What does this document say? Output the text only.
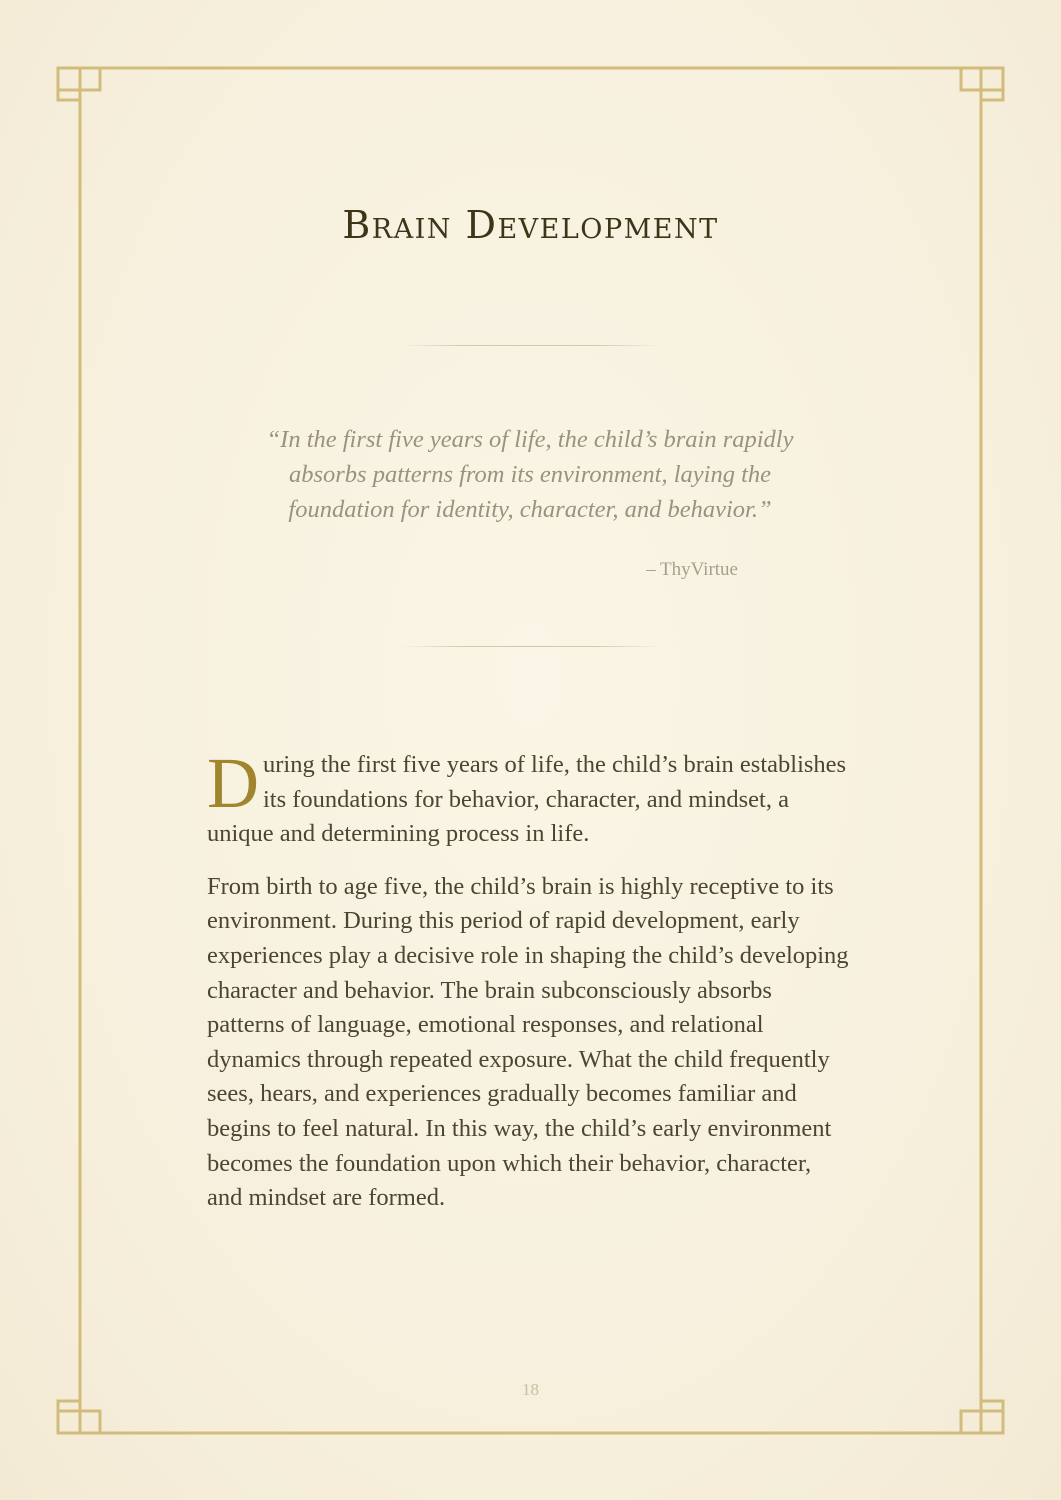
Brain Development

“In the first five years of life, the child’s brain rapidly absorbs patterns from its environment, laying the foundation for identity, character, and behavior.”

– ThyVirtue

During the first five years of life, the child’s brain establishes its foundations for behavior, character, and mindset, a unique and determining process in life.

From birth to age five, the child’s brain is highly receptive to its environment. During this period of rapid development, early experiences play a decisive role in shaping the child’s developing character and behavior. The brain subconsciously absorbs patterns of language, emotional responses, and relational dynamics through repeated exposure. What the child frequently sees, hears, and experiences gradually becomes familiar and begins to feel natural. In this way, the child’s early environment becomes the foundation upon which their behavior, character, and mindset are formed.

18
